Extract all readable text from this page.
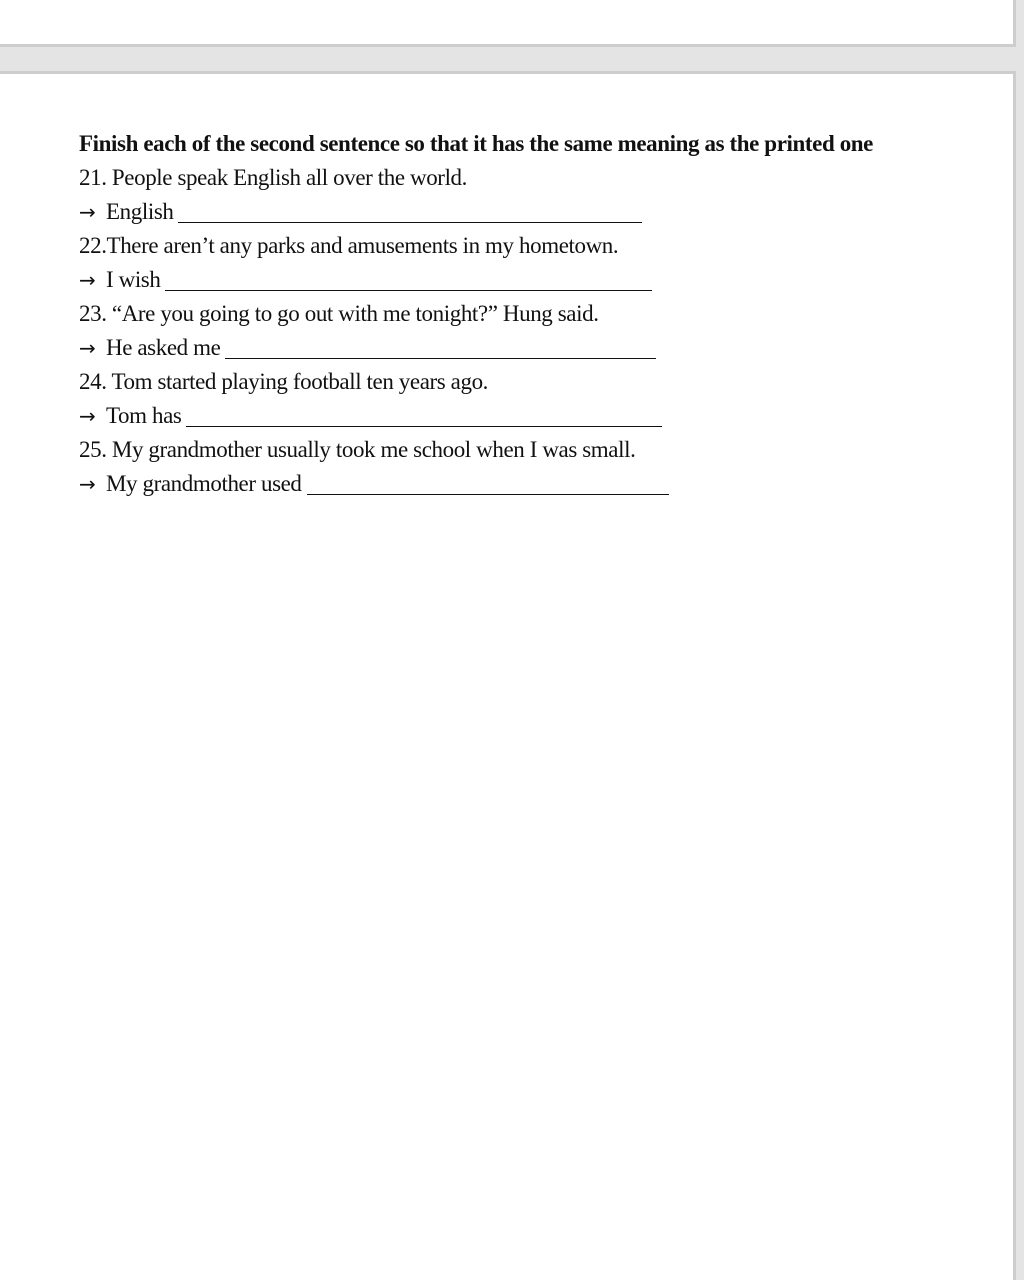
Finish each of the second sentence so that it has the same meaning as the printed one
21. People speak English all over the world.
→ English
22.There aren’t any parks and amusements in my hometown.
→ I wish
23. “Are you going to go out with me tonight?” Hung said.
→ He asked me
24. Tom started playing football ten years ago.
→ Tom has
25. My grandmother usually took me school when I was small.
→ My grandmother used
